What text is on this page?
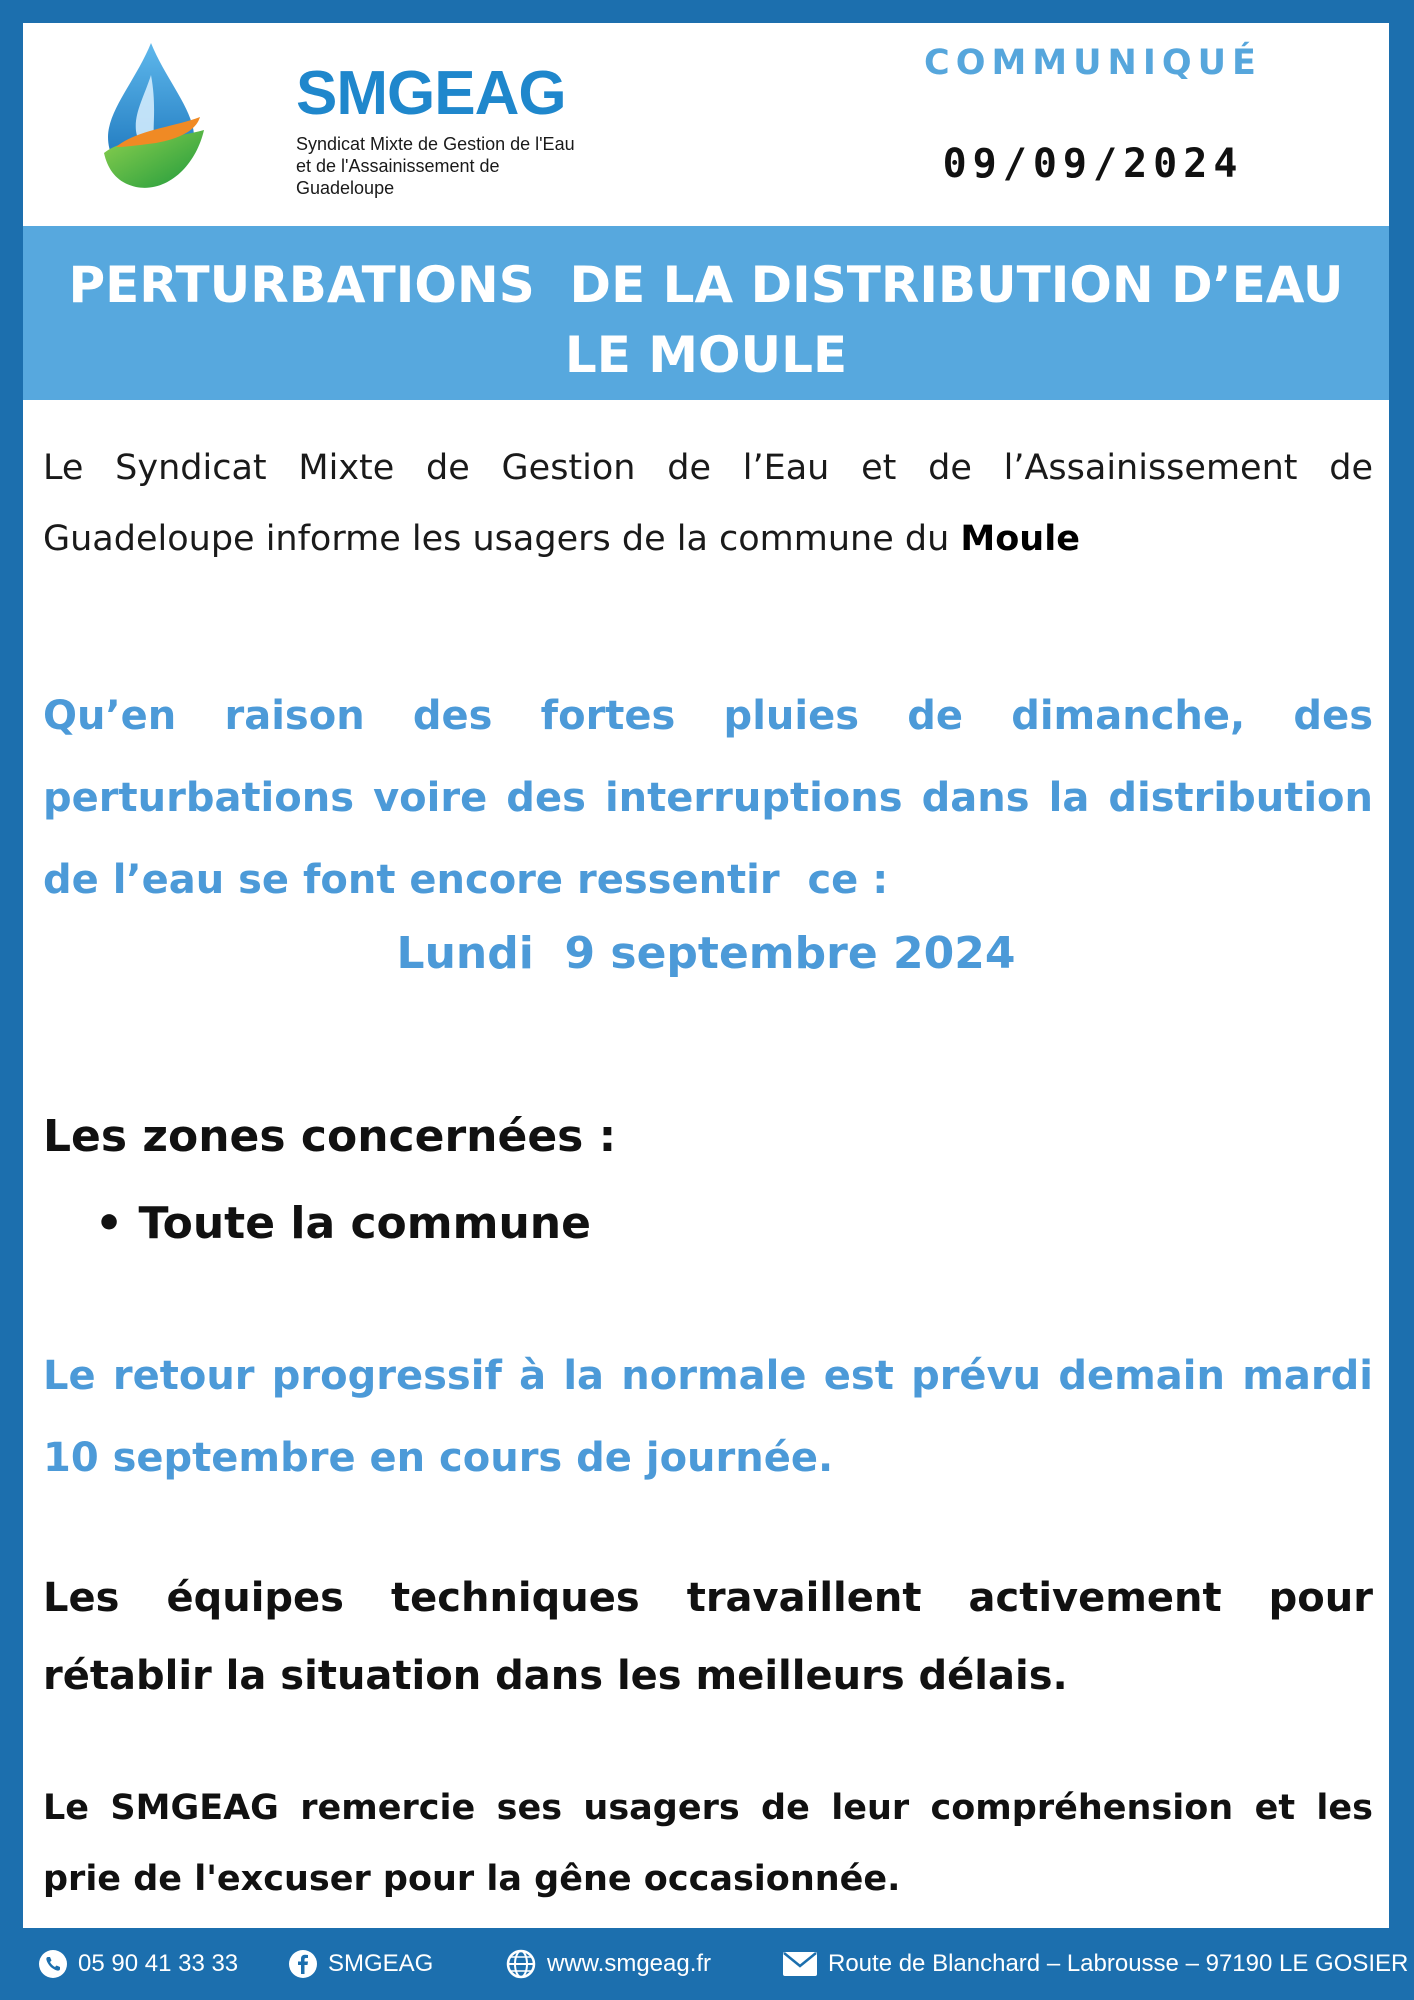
SMGEAG
Syndicat Mixte de Gestion de l'Eau et de l'Assainissement de Guadeloupe
COMMUNIQUÉ
09/09/2024
PERTURBATIONS  DE LA DISTRIBUTION D’EAU
LE MOULE
Le Syndicat Mixte de Gestion de l’Eau et de l’Assainissement de Guadeloupe informe les usagers de la commune du Moule
Qu’en raison des fortes pluies de dimanche, des perturbations voire des interruptions dans la distribution de l’eau se font encore ressentir  ce :
Lundi  9 septembre 2024
Les zones concernées :
• Toute la commune
Le retour progressif à la normale est prévu demain mardi 10 septembre en cours de journée.
Les équipes techniques travaillent activement pour rétablir la situation dans les meilleurs délais.
Le SMGEAG remercie ses usagers de leur compréhension et les prie de l'excuser pour la gêne occasionnée.
05 90 41 33 33	SMGEAG	www.smgeag.fr	Route de Blanchard – Labrousse – 97190 LE GOSIER
